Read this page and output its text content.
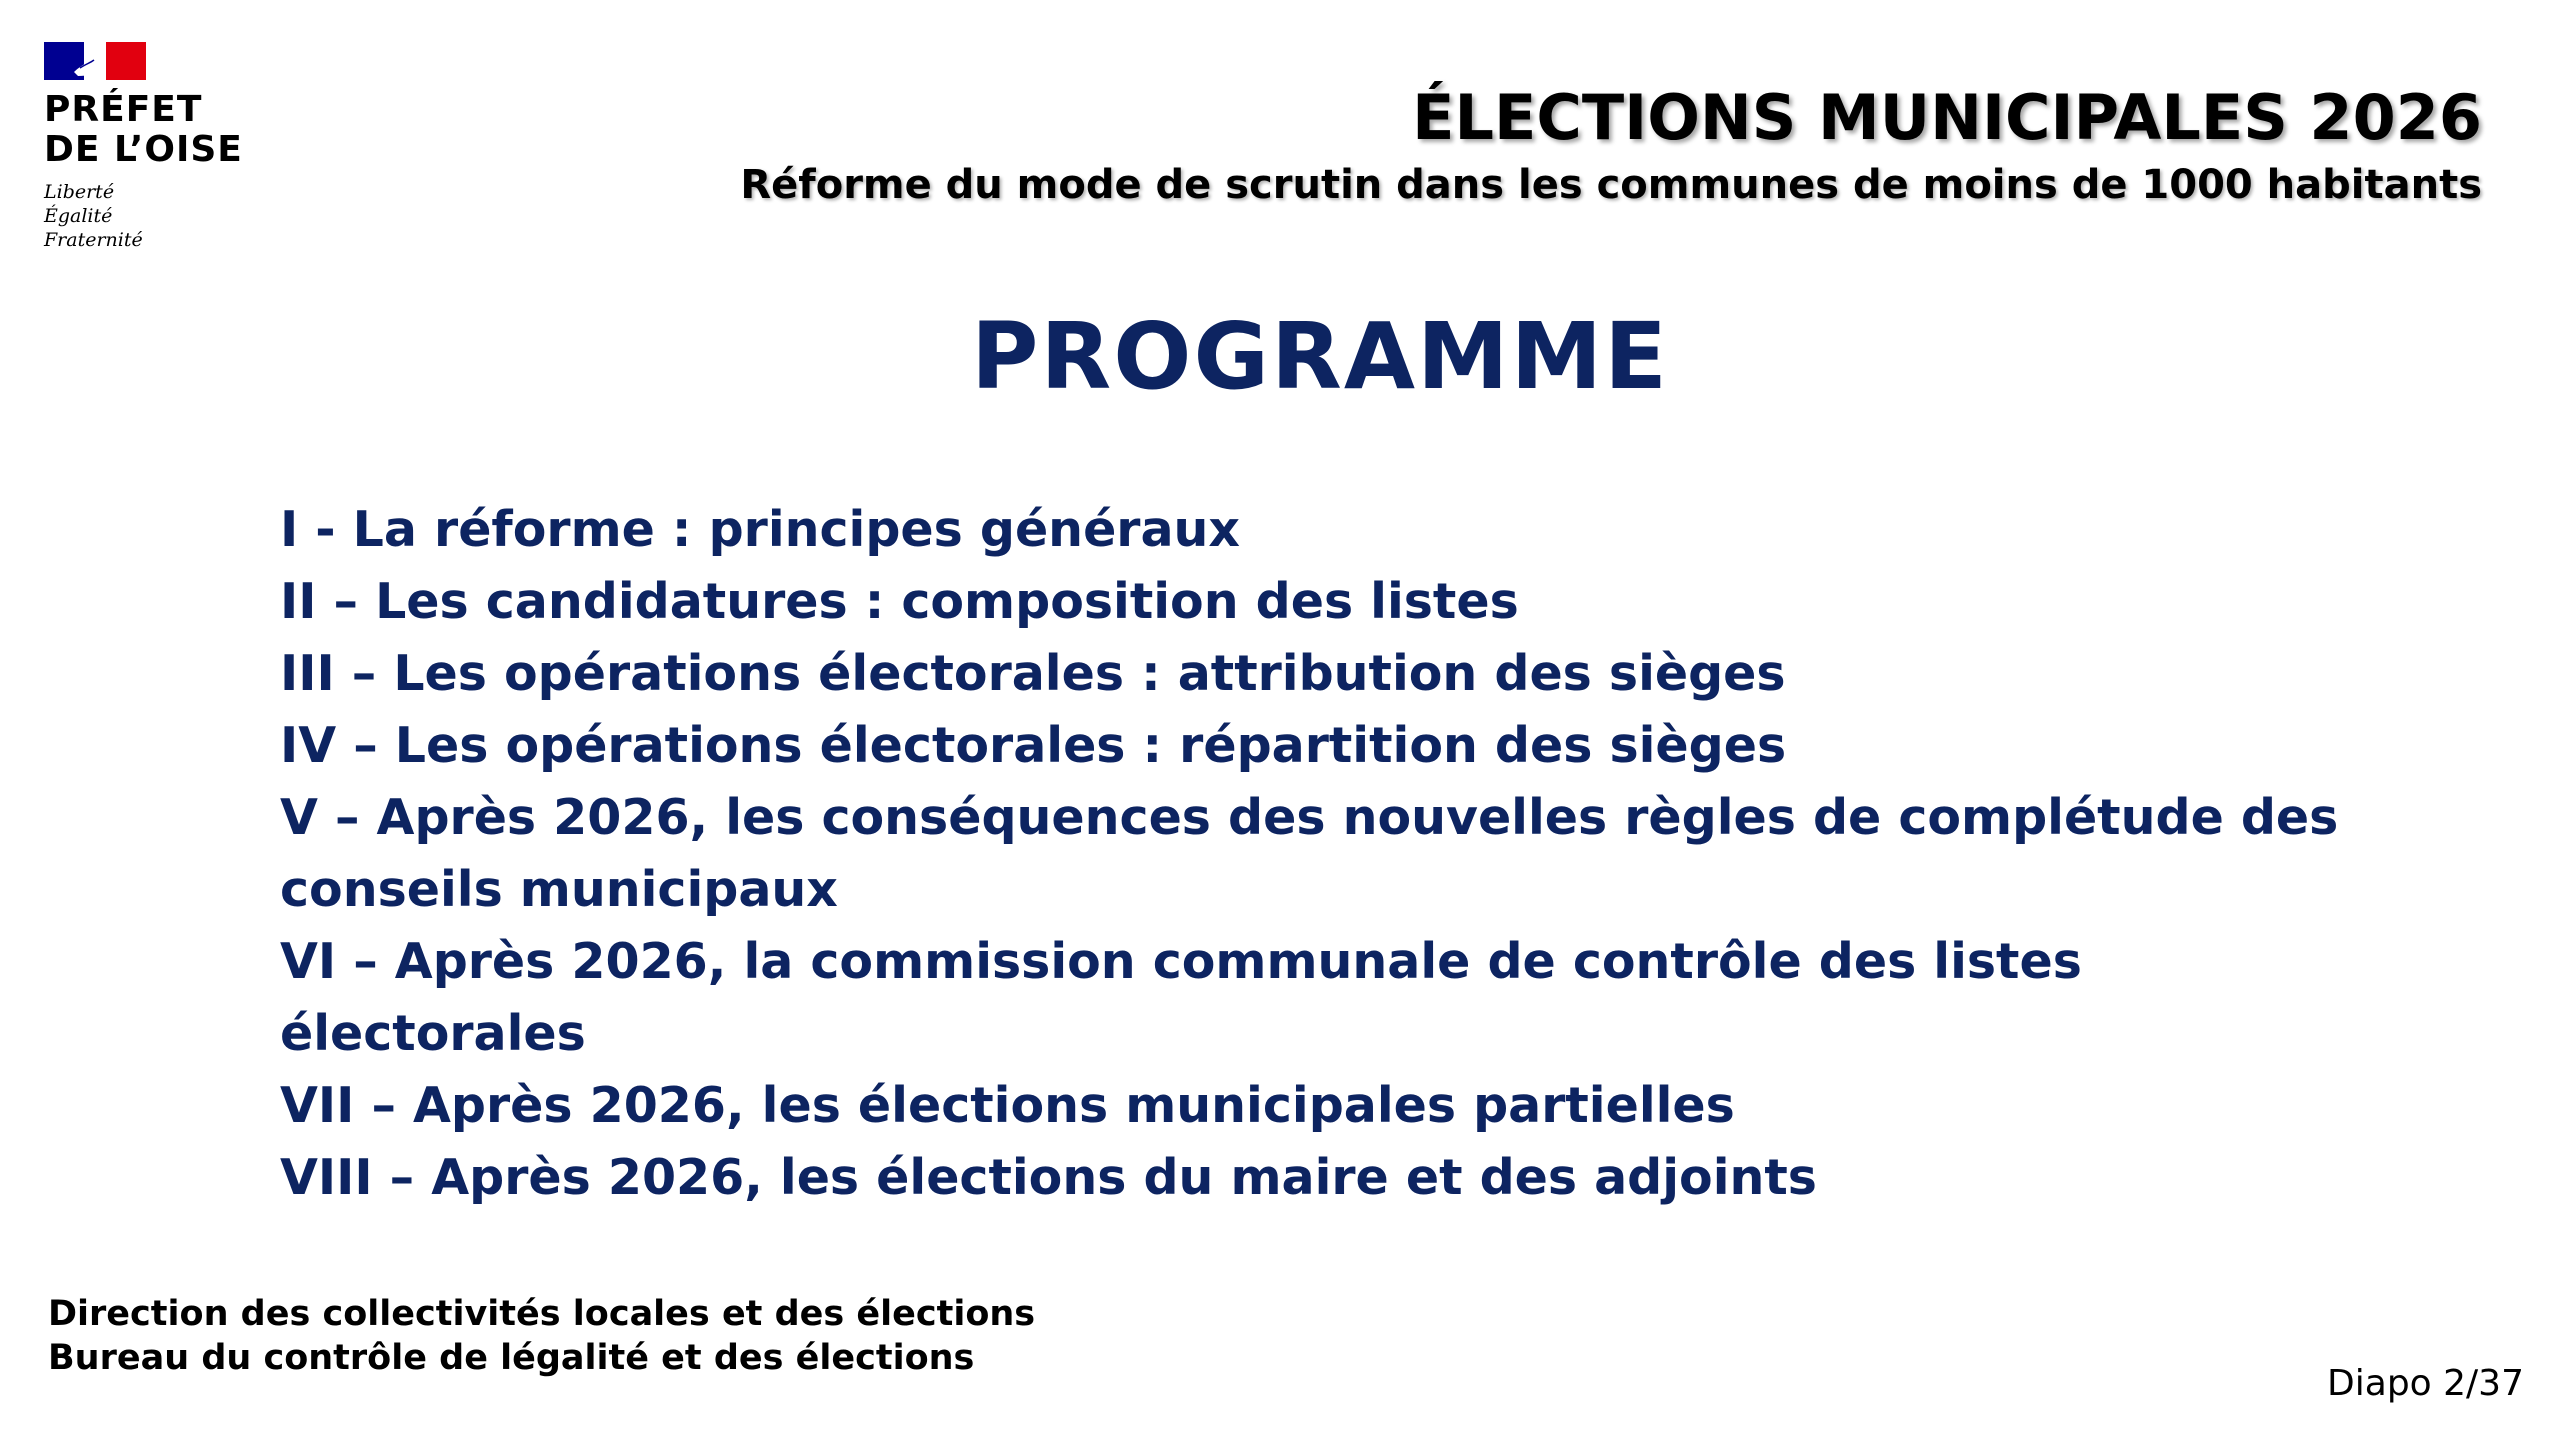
PRÉFET
DE L’OISE
Liberté
Égalité
Fraternité
ÉLECTIONS MUNICIPALES 2026
Réforme du mode de scrutin dans les communes de moins de 1000 habitants
PROGRAMME
I - La réforme : principes généraux
II – Les candidatures : composition des listes
III – Les opérations électorales : attribution des sièges
IV – Les opérations électorales : répartition des sièges
V – Après 2026, les conséquences des nouvelles règles de complétude des conseils municipaux
VI – Après 2026, la commission communale de contrôle des listes électorales
VII – Après 2026, les élections municipales partielles
VIII – Après 2026, les élections du maire et des adjoints
Direction des collectivités locales et des élections
Bureau du contrôle de légalité et des élections
Diapo 2/37
